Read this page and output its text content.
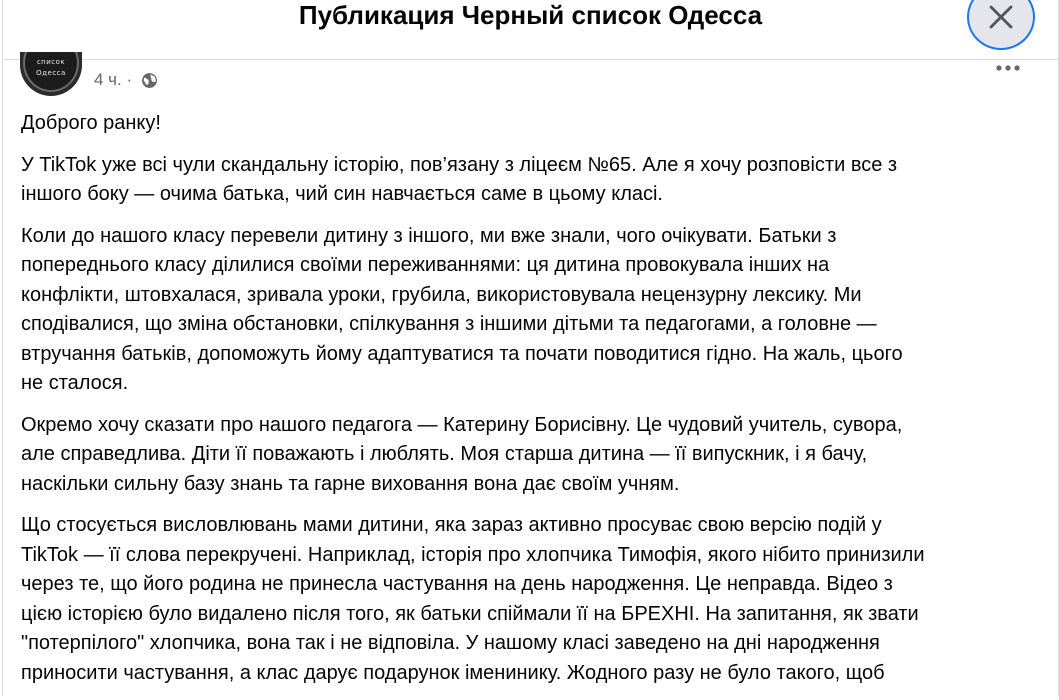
Публикация Черный список Одесса
список
Одесса	4 ч. ·

Доброго ранку!

У TikTok уже всі чули скандальну історію, пов’язану з ліцеєм №65. Але я хочу розповісти все з
іншого боку — очима батька, чий син навчається саме в цьому класі.

Коли до нашого класу перевели дитину з іншого, ми вже знали, чого очікувати. Батьки з
попереднього класу ділилися своїми переживаннями: ця дитина провокувала інших на
конфлікти, штовхалася, зривала уроки, грубила, використовувала нецензурну лексику. Ми
сподівалися, що зміна обстановки, спілкування з іншими дітьми та педагогами, а головне —
втручання батьків, допоможуть йому адаптуватися та почати поводитися гідно. На жаль, цього
не сталося.

Окремо хочу сказати про нашого педагога — Катерину Борисівну. Це чудовий учитель, сувора,
але справедлива. Діти її поважають і люблять. Моя старша дитина — її випускник, і я бачу,
наскільки сильну базу знань та гарне виховання вона дає своїм учням.

Що стосується висловлювань мами дитини, яка зараз активно просуває свою версію подій у
TikTok — її слова перекручені. Наприклад, історія про хлопчика Тимофія, якого нібито принизили
через те, що його родина не принесла частування на день народження. Це неправда. Відео з
цією історією було видалено після того, як батьки спіймали її на БРЕХНІ. На запитання, як звати
"потерпілого" хлопчика, вона так і не відповіла. У нашому класі заведено на дні народження
приносити частування, а клас дарує подарунок іменинику. Жодного разу не було такого, щоб
